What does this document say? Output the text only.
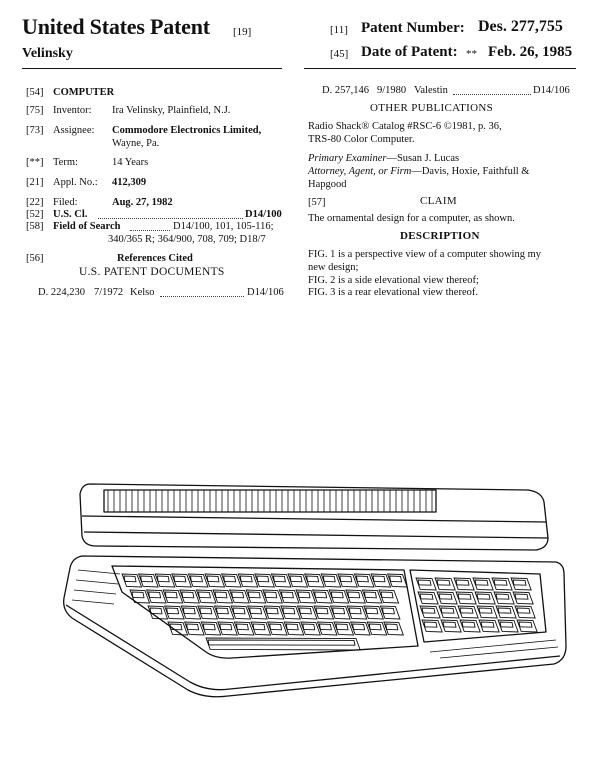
United States Patent [19]
Velinsky
[11] Patent Number: Des. 277,755
[45] Date of Patent: ** Feb. 26, 1985
[54] COMPUTER
[75] Inventor: Ira Velinsky, Plainfield, N.J.
[73] Assignee: Commodore Electronics Limited,
Wayne, Pa.
[**] Term:	14 Years
[21] Appl. No.: 412,309
[22] Filed:	Aug. 27, 1982
[52] U.S. Cl.	D14/100
[58] Field of Search	D14/100, 101, 105-116;
340/365 R; 364/900, 708, 709; D18/7
[56]	References Cited
U.S. PATENT DOCUMENTS
D. 224,230 7/1972 Kelso	D14/106
D. 257,146 9/1980 Valestin	D14/106
OTHER PUBLICATIONS
Radio Shack® Catalog #RSC-6 ©1981, p. 36,
TRS-80 Color Computer.
Primary Examiner—Susan J. Lucas
Attorney, Agent, or Firm—Davis, Hoxie, Faithfull &
Hapgood
[57]	CLAIM
The ornamental design for a computer, as shown.
DESCRIPTION
FIG. 1 is a perspective view of a computer showing my
new design;
FIG. 2 is a side elevational view thereof;
FIG. 3 is a rear elevational view thereof.
